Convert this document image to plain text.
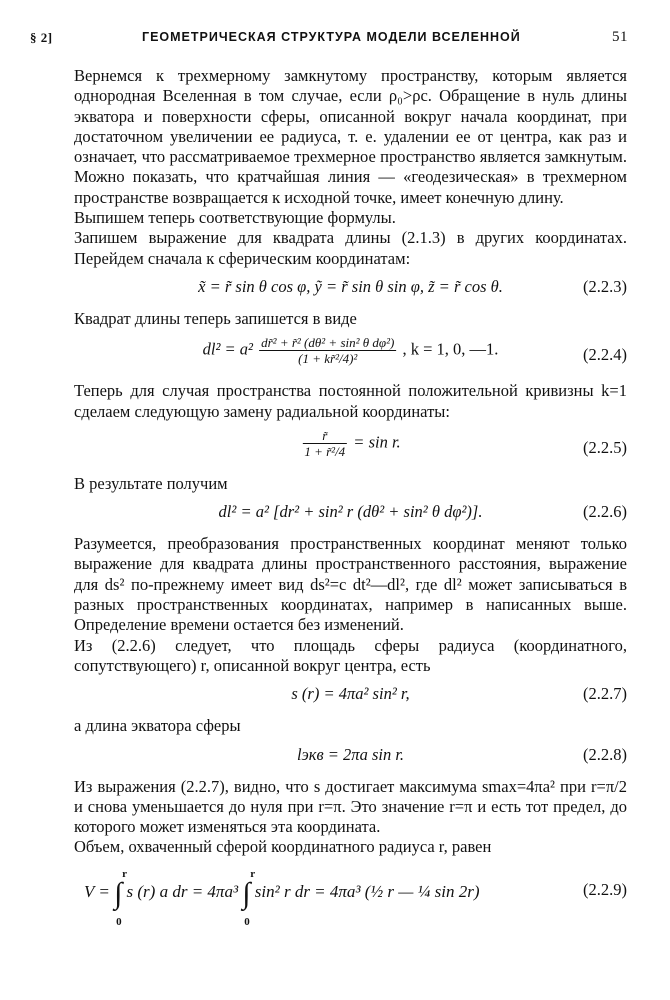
§ 2]	ГЕОМЕТРИЧЕСКАЯ СТРУКТУРА МОДЕЛИ ВСЕЛЕННОЙ	51

Вернемся к трехмерному замкнутому пространству, которым является однородная Вселенная в том случае, если ρ₀>ρc. Обращение в нуль длины экватора и поверхности сферы, описанной вокруг начала координат, при достаточном увеличении ее радиуса, т. е. удалении ее от центра, как раз и означает, что рассматриваемое трехмерное пространство является замкнутым. Можно показать, что кратчайшая линия — «геодезическая» в трехмерном пространстве возвращается к исходной точке, имеет конечную длину.

Выпишем теперь соответствующие формулы.

Запишем выражение для квадрата длины (2.1.3) в других координатах. Перейдем сначала к сферическим координатам:

x̃ = r̃ sin θ cos φ, ỹ = r̃ sin θ sin φ, z̃ = r̃ cos θ.	(2.2.3)

Квадрат длины теперь запишется в виде

$dl^2 = a^2 \frac{\text{dr̃² + r̃² (dθ² + sin² θ dφ²)}}{\text{(1 + kr̃²/4)²}}$ , k = 1, 0, —1.	(2.2.4)

Теперь для случая пространства постоянной положительной кривизны k=1 сделаем следующую замену радиальной координаты:

$\frac{r̃}{\text{1 + r̃²/4}} = \sin r$.	(2.2.5)

В результате получим

dl² = a² [dr² + sin² r (dθ² + sin² θ dφ²)].	(2.2.6)

Разумеется, преобразования пространственных координат меняют только выражение для квадрата длины пространственного расстояния, выражение для ds² по-прежнему имеет вид ds²=c dt²—dl², где dl² может записываться в разных пространственных координатах, например в написанных выше. Определение времени остается без изменений.

Из (2.2.6) следует, что площадь сферы радиуса (координатного, сопутствующего) r, описанной вокруг центра, есть

s (r) = 4πa² sin² r,	(2.2.7)

а длина экватора сферы

lэкв = 2πa sin r.	(2.2.8)

Из выражения (2.2.7), видно, что s достигает максимума smax=4πa² при r=π/2 и снова уменьшается до нуля при r=π. Это значение r=π и есть тот предел, до которого может изменяться эта координата.

Объем, охваченный сферой координатного радиуса r, равен

V = ∫
r
0
s (r) a dr = 4πa³ ∫
r
0
sin² r dr = 4πa³ (½ r — ¼ sin 2r)	(2.2.9)
